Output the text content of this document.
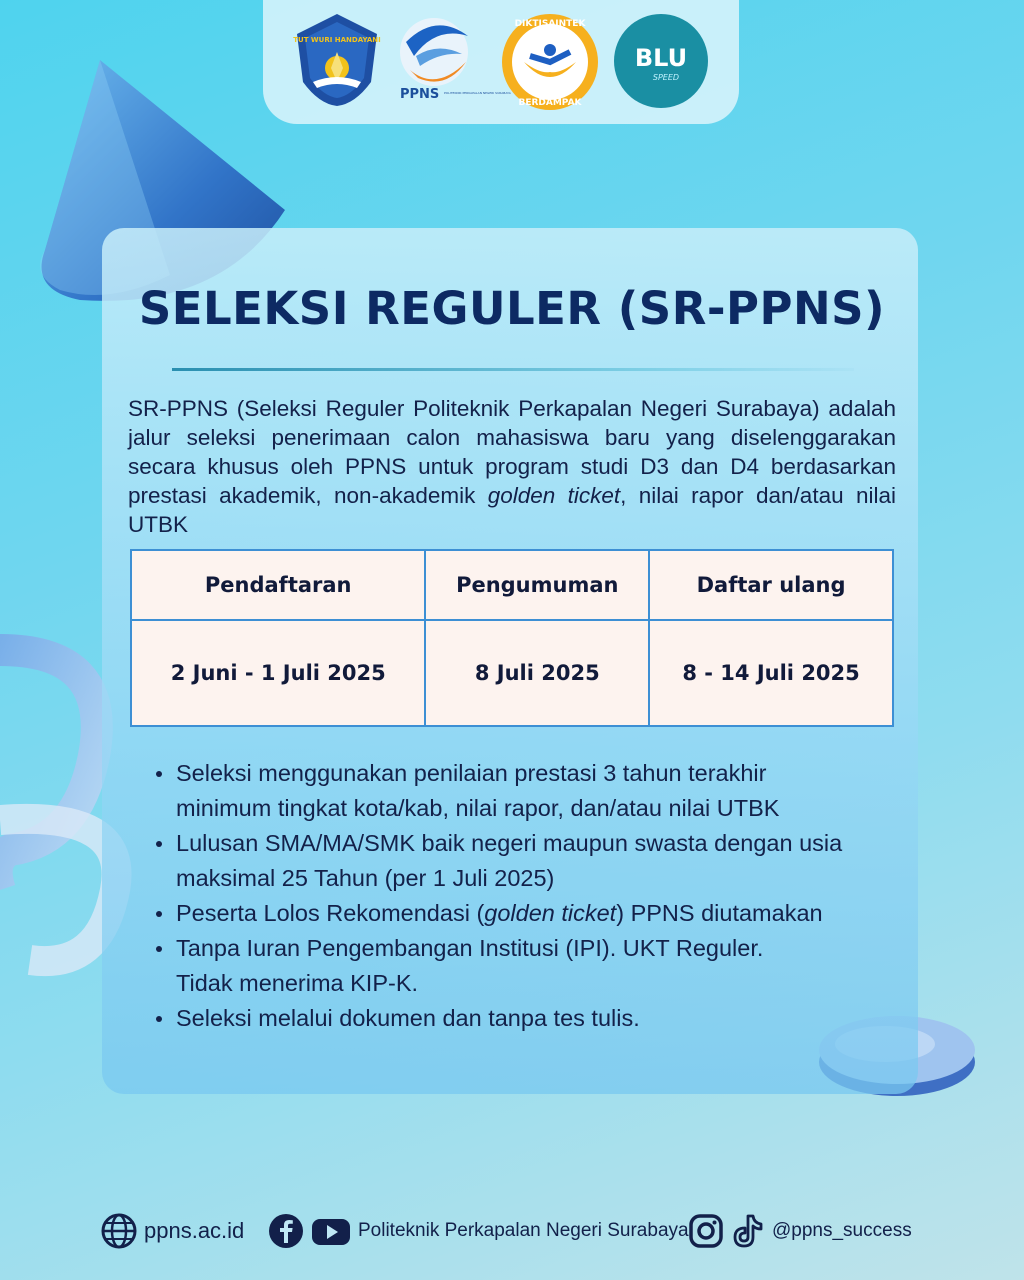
TUT WURI HANDAYANI
PPNS POLITEKNIK PERKAPALAN NEGERI SURABAYA
DIKTISAINTEK
BERDAMPAK
BLU
SPEED
SELEKSI REGULER (SR-PPNS)

SR-PPNS (Seleksi Reguler Politeknik Perkapalan Negeri Surabaya) adalah jalur seleksi penerimaan calon mahasiswa baru yang diselenggarakan secara khusus oleh PPNS untuk program studi D3 dan D4 berdasarkan prestasi akademik, non-akademik golden ticket, nilai rapor dan/atau nilai UTBK

Pendaftaran	Pengumuman	Daftar ulang
2 Juni - 1 Juli 2025	8 Juli 2025	8 - 14 Juli 2025
Seleksi menggunakan penilaian prestasi 3 tahun terakhir
minimum tingkat kota/kab, nilai rapor, dan/atau nilai UTBK
Lulusan SMA/MA/SMK baik negeri maupun swasta dengan usia
maksimal 25 Tahun (per 1 Juli 2025)
Peserta Lolos Rekomendasi (golden ticket) PPNS diutamakan
Tanpa Iuran Pengembangan Institusi (IPI). UKT Reguler.
Tidak menerima KIP-K.
Seleksi melalui dokumen dan tanpa tes tulis.
ppns.ac.id	Politeknik Perkapalan Negeri Surabaya	@ppns_success
